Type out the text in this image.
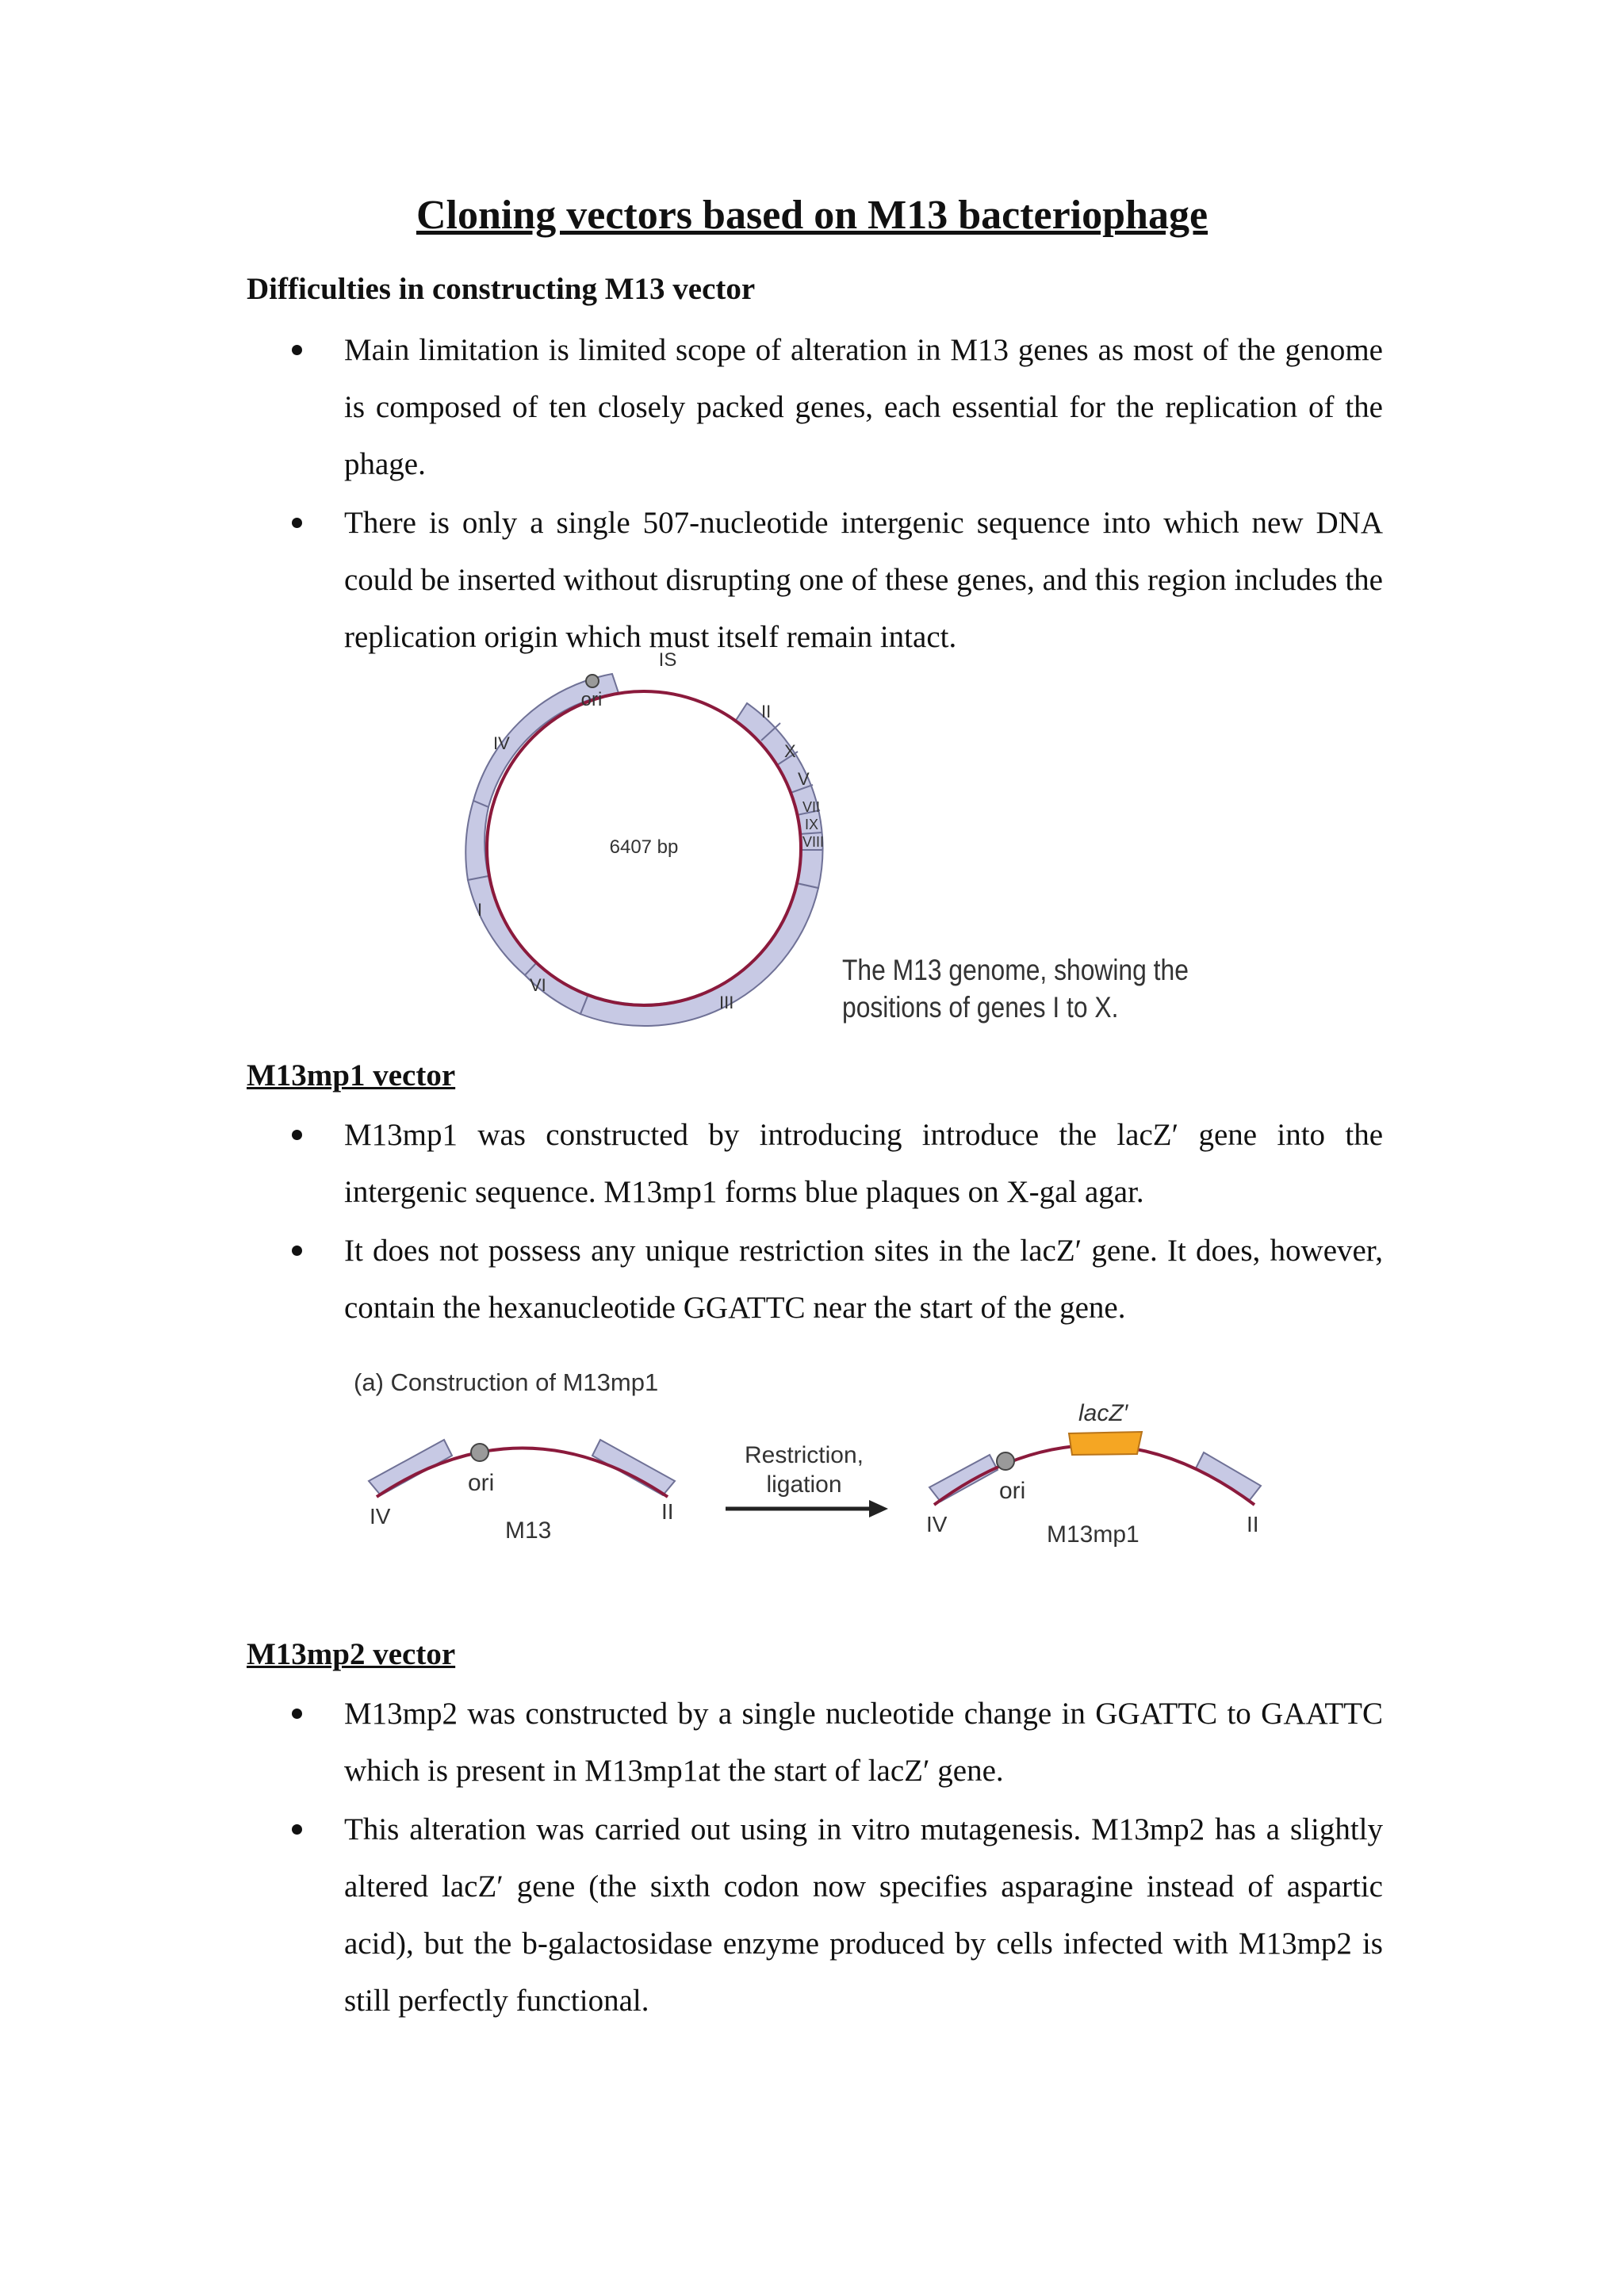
Cloning vectors based on M13 bacteriophage
Difficulties in constructing M13 vector
Main limitation is limited scope of alteration in M13 genes as most of the genome is composed of ten closely packed genes, each essential for the replication of the phage.
There is only a single 507-nucleotide intergenic sequence into which new DNA could be inserted without disrupting one of these genes, and this region includes the replication origin which must itself remain intact.
ori
IS
6407 bp
IV
I
VI
III
II
X
V
VII
IX
VIII

The M13 genome, showing the positions of genes I to X.

M13mp1 vector
M13mp1 was constructed by introducing introduce the lacZ′ gene into the intergenic sequence. M13mp1 forms blue plaques on X-gal agar.
It does not possess any unique restriction sites in the lacZ′ gene. It does, however, contain the hexanucleotide GGATTC near the start of the gene.
(a) Construction of M13mp1
ori
IV	II
M13
Restriction,
ligation	ori
IV	II
M13mp1
lacZ′
M13mp2 vector
M13mp2 was constructed by a single nucleotide change in GGATTC to GAATTC which is present in M13mp1at the start of lacZ′ gene.
This alteration was carried out using in vitro mutagenesis. M13mp2 has a slightly altered lacZ′ gene (the sixth codon now specifies asparagine instead of aspartic acid), but the b-galactosidase enzyme produced by cells infected with M13mp2 is still perfectly functional.
